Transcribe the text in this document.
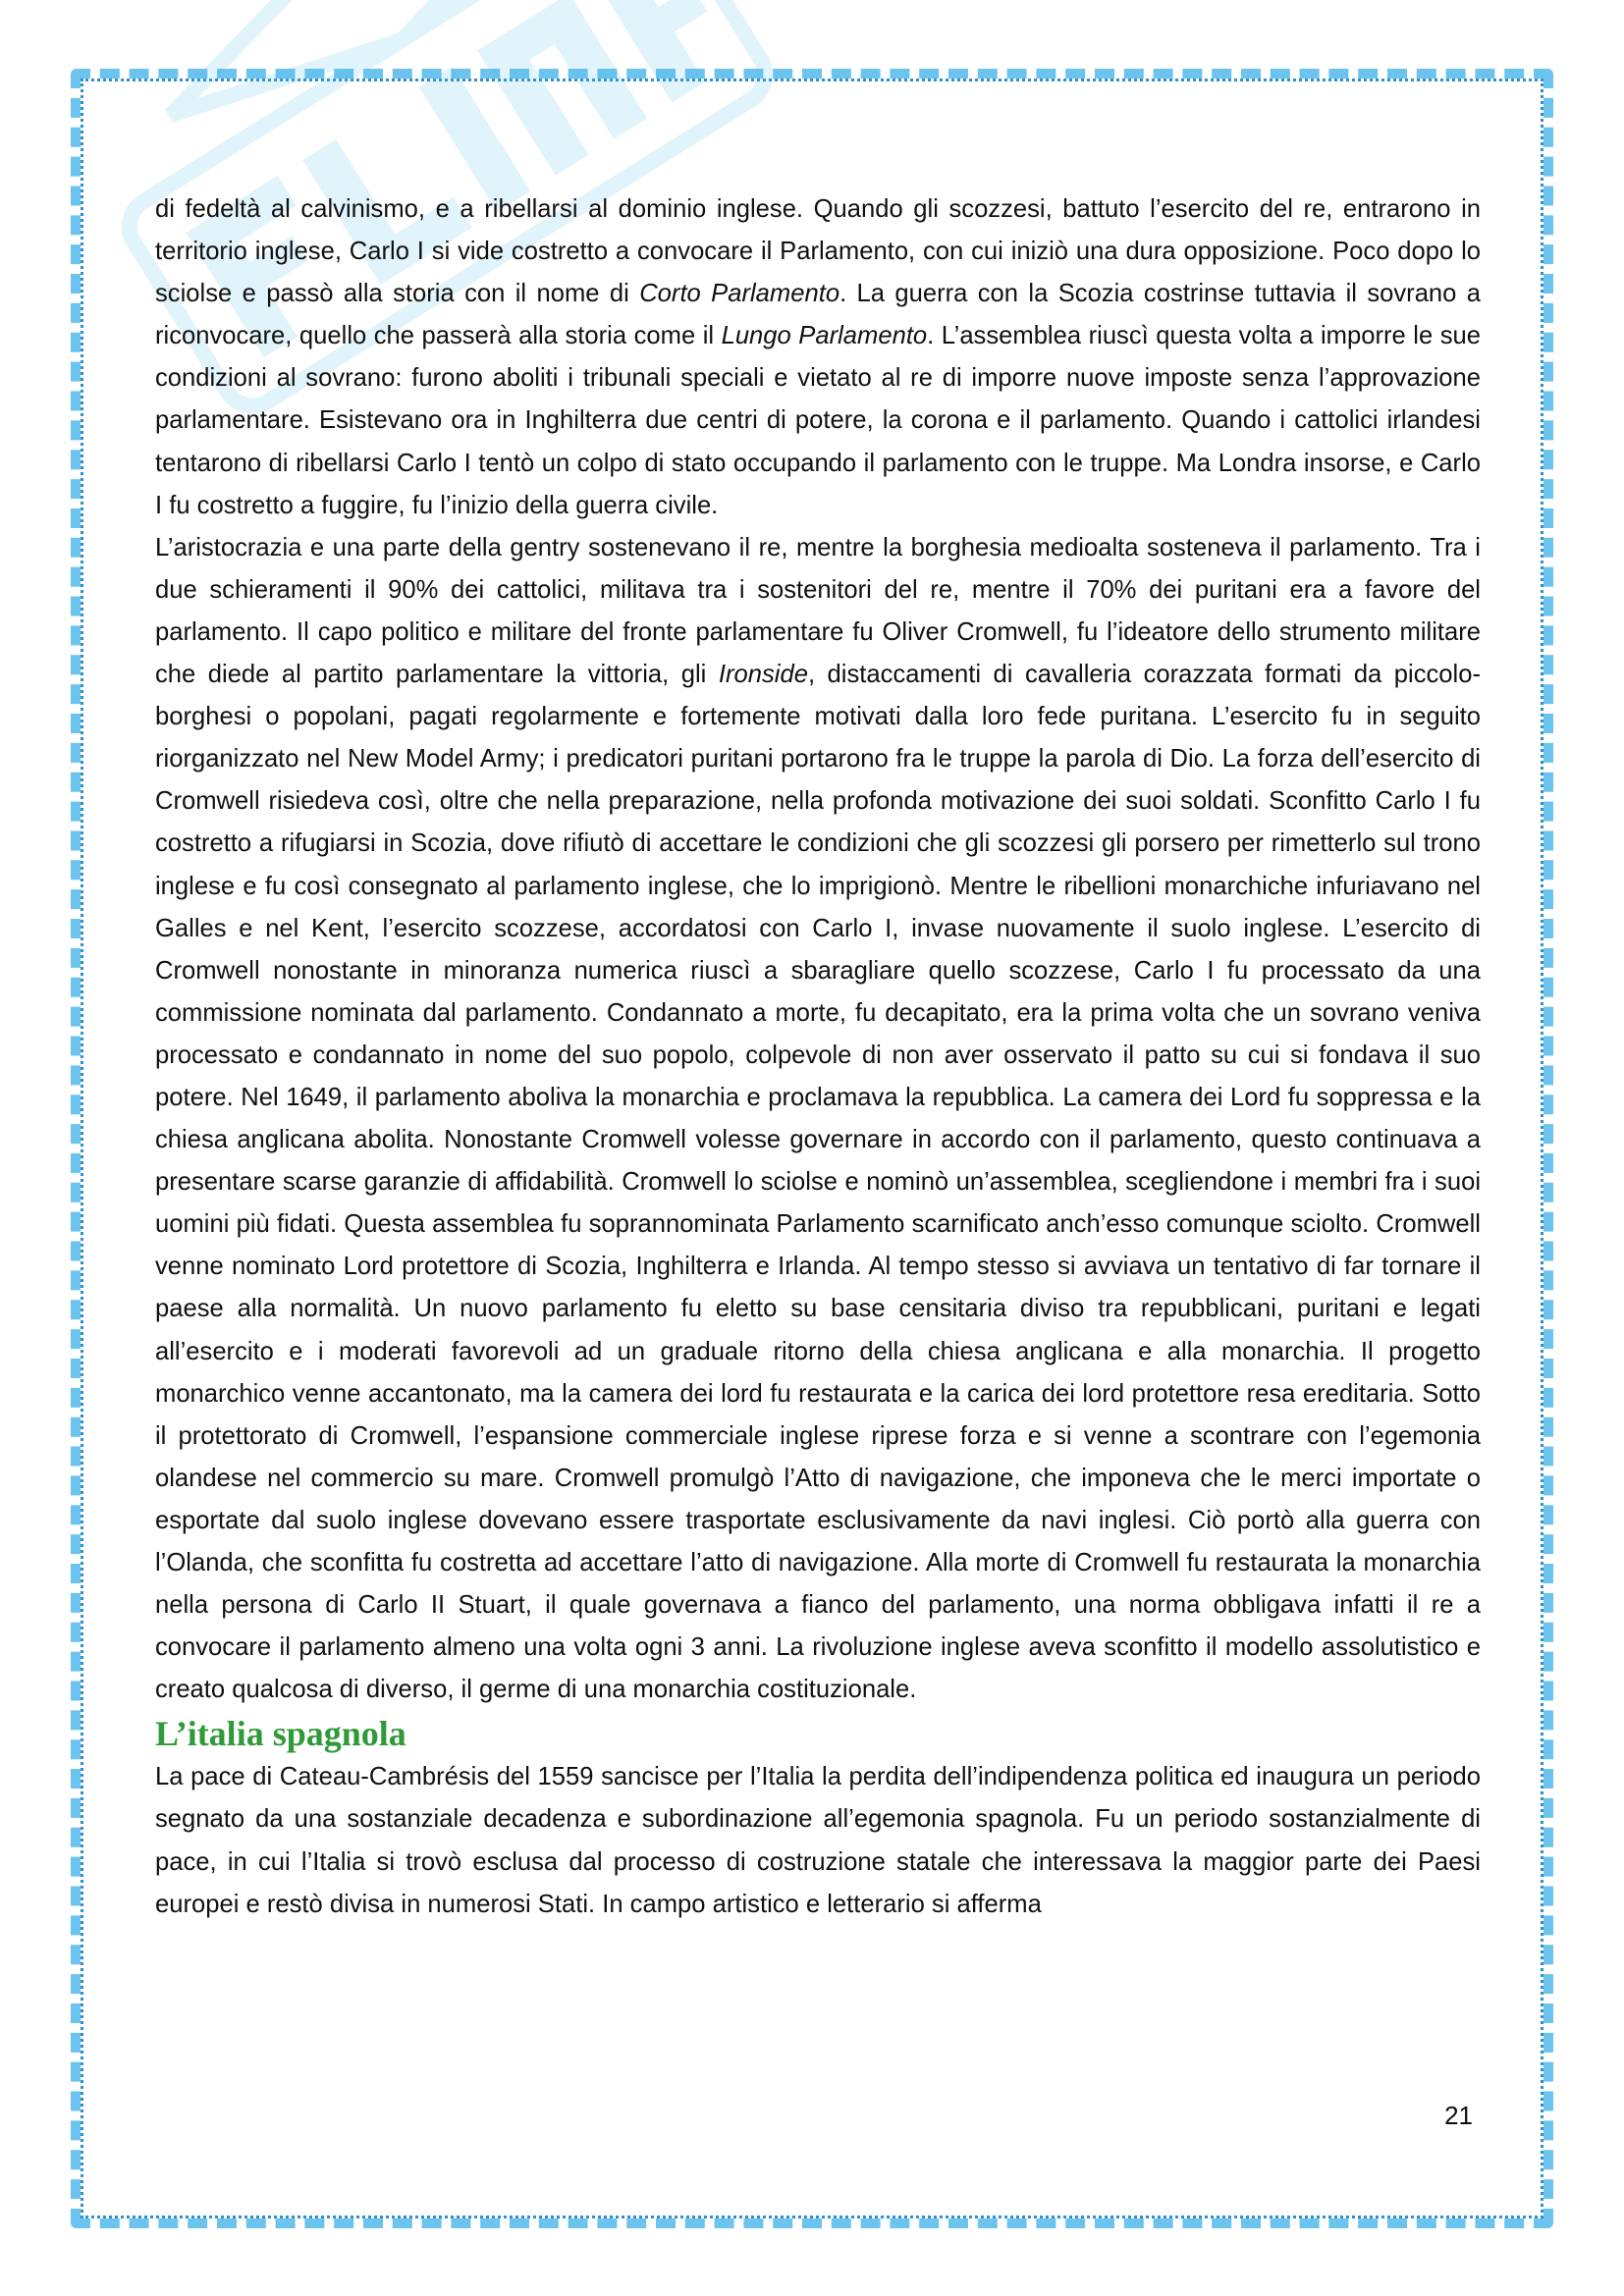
di fedeltà al calvinismo, e a ribellarsi al dominio inglese. Quando gli scozzesi, battuto l’esercito del re, entrarono in territorio inglese, Carlo I si vide costretto a convocare il Parlamento, con cui iniziò una dura opposizione. Poco dopo lo sciolse e passò alla storia con il nome di Corto Parlamento. La guerra con la Scozia costrinse tuttavia il sovrano a riconvocare, quello che passerà alla storia come il Lungo Parlamento. L’assemblea riuscì questa volta a imporre le sue condizioni al sovrano: furono aboliti i tribunali speciali e vietato al re di imporre nuove imposte senza l’approvazione parlamentare. Esistevano ora in Inghilterra due centri di potere, la corona e il parlamento. Quando i cattolici irlandesi tentarono di ribellarsi Carlo I tentò un colpo di stato occupando il parlamento con le truppe. Ma Londra insorse, e Carlo I fu costretto a fuggire, fu l’inizio della guerra civile.

L’aristocrazia e una parte della gentry sostenevano il re, mentre la borghesia medioalta sosteneva il parlamento. Tra i due schieramenti il 90% dei cattolici, militava tra i sostenitori del re, mentre il 70% dei puritani era a favore del parlamento. Il capo politico e militare del fronte parlamentare fu Oliver Cromwell, fu l’ideatore dello strumento militare che diede al partito parlamentare la vittoria, gli Ironside, distaccamenti di cavalleria corazzata formati da piccolo-borghesi o popolani, pagati regolarmente e fortemente motivati dalla loro fede puritana. L’esercito fu in seguito riorganizzato nel New Model Army; i predicatori puritani portarono fra le truppe la parola di Dio. La forza dell’esercito di Cromwell risiedeva così, oltre che nella preparazione, nella profonda motivazione dei suoi soldati. Sconfitto Carlo I fu costretto a rifugiarsi in Scozia, dove rifiutò di accettare le condizioni che gli scozzesi gli porsero per rimetterlo sul trono inglese e fu così consegnato al parlamento inglese, che lo imprigionò. Mentre le ribellioni monarchiche infuriavano nel Galles e nel Kent, l’esercito scozzese, accordatosi con Carlo I, invase nuovamente il suolo inglese. L’esercito di Cromwell nonostante in minoranza numerica riuscì a sbaragliare quello scozzese, Carlo I fu processato da una commissione nominata dal parlamento. Condannato a morte, fu decapitato, era la prima volta che un sovrano veniva processato e condannato in nome del suo popolo, colpevole di non aver osservato il patto su cui si fondava il suo potere. Nel 1649, il parlamento aboliva la monarchia e proclamava la repubblica. La camera dei Lord fu soppressa e la chiesa anglicana abolita. Nonostante Cromwell volesse governare in accordo con il parlamento, questo continuava a presentare scarse garanzie di affidabilità. Cromwell lo sciolse e nominò un’assemblea, scegliendone i membri fra i suoi uomini più fidati. Questa assemblea fu soprannominata Parlamento scarnificato anch’esso comunque sciolto. Cromwell venne nominato Lord protettore di Scozia, Inghilterra e Irlanda. Al tempo stesso si avviava un tentativo di far tornare il paese alla normalità. Un nuovo parlamento fu eletto su base censitaria diviso tra repubblicani, puritani e legati all’esercito e i moderati favorevoli ad un graduale ritorno della chiesa anglicana e alla monarchia. Il progetto monarchico venne accantonato, ma la camera dei lord fu restaurata e la carica dei lord protettore resa ereditaria. Sotto il protettorato di Cromwell, l’espansione commerciale inglese riprese forza e si venne a scontrare con l’egemonia olandese nel commercio su mare. Cromwell promulgò l’Atto di navigazione, che imponeva che le merci importate o esportate dal suolo inglese dovevano essere trasportate esclusivamente da navi inglesi. Ciò portò alla guerra con l’Olanda, che sconfitta fu costretta ad accettare l’atto di navigazione. Alla morte di Cromwell fu restaurata la monarchia nella persona di Carlo II Stuart, il quale governava a fianco del parlamento, una norma obbligava infatti il re a convocare il parlamento almeno una volta ogni 3 anni. La rivoluzione inglese aveva sconfitto il modello assolutistico e creato qualcosa di diverso, il germe di una monarchia costituzionale.

L’italia spagnola

La pace di Cateau-Cambrésis del 1559 sancisce per l’Italia la perdita dell’indipendenza politica ed inaugura un periodo segnato da una sostanziale decadenza e subordinazione all’egemonia spagnola. Fu un periodo sostanzialmente di pace, in cui l’Italia si trovò esclusa dal processo di costruzione statale che interessava la maggior parte dei Paesi europei e restò divisa in numerosi Stati. In campo artistico e letterario si afferma

21
